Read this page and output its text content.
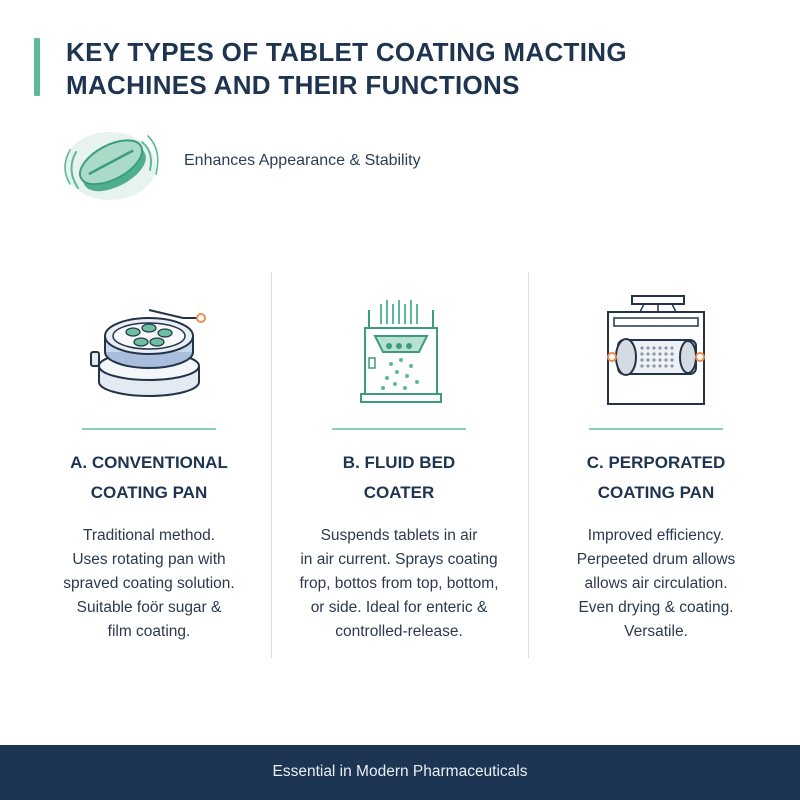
KEY TYPES OF TABLET COATING MACTING
MACHINES AND THEIR FUNCTIONS
Enhances Appearance & Stability
A. CONVENTIONAL
COATING PAN
Traditional method.
Uses rotating pan with
spraved coating solution.
Suitable foör sugar &
film coating.
B. FLUID BED
COATER
Suspends tablets in air
in air current. Sprays coating
frop, bottos from top, bottom,
or side. Ideal for enteric &
controlled-release.
C. PERPORATED
COATING PAN
Improved efficiency.
Perpeeted drum allows
allows air circulation.
Even drying & coating.
Versatile.
Essential in Modern Pharmaceuticals
